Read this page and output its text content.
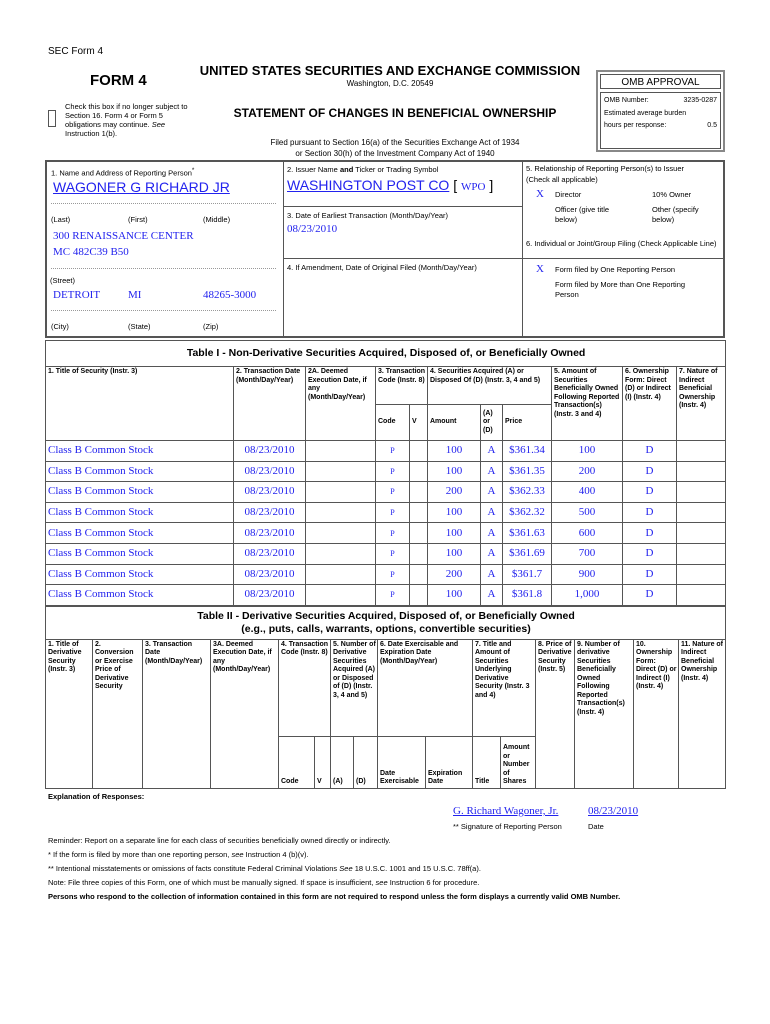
SEC Form 4
FORM 4
UNITED STATES SECURITIES AND EXCHANGE COMMISSION
Washington, D.C. 20549
Check this box if no longer subject to Section 16. Form 4 or Form 5 obligations may continue. See Instruction 1(b).
STATEMENT OF CHANGES IN BENEFICIAL OWNERSHIP
Filed pursuant to Section 16(a) of the Securities Exchange Act of 1934
or Section 30(h) of the Investment Company Act of 1940
OMB APPROVAL
OMB Number:	3235-0287
Estimated average burden
hours per response:	0.5
1. Name and Address of Reporting Person*
WAGONER G RICHARD JR
(Last)	(First)	(Middle)
300 RENAISSANCE CENTER
MC 482C39 B50
(Street)
DETROIT	MI	48265-3000
(City)	(State)	(Zip)
2. Issuer Name and Ticker or Trading Symbol
WASHINGTON POST CO [ WPO ]
3. Date of Earliest Transaction (Month/Day/Year)
08/23/2010
4. If Amendment, Date of Original Filed (Month/Day/Year)
5. Relationship of Reporting Person(s) to Issuer
(Check all applicable)
X Director	10% Owner
Officer (give title below)
Other (specify below)
6. Individual or Joint/Group Filing (Check Applicable Line)
X Form filed by One Reporting Person
Form filed by More than One Reporting Person
Table I - Non-Derivative Securities Acquired, Disposed of, or Beneficially Owned										
1. Title of Security (Instr. 3)	2. Transaction Date (Month/Day/Year)	2A. Deemed Execution Date, if any (Month/Day/Year)	3. Transaction Code (Instr. 8)		4. Securities Acquired (A) or Disposed Of (D) (Instr. 3, 4 and 5)			5. Amount of Securities Beneficially Owned Following Reported Transaction(s) (Instr. 3 and 4)	6. Ownership Form: Direct (D) or Indirect (I) (Instr. 4)	7. Nature of Indirect Beneficial Ownership (Instr. 4)
			Code	V	Amount	(A) or (D)	Price			
Class B Common Stock	08/23/2010		P		100	A	$361.34	100	D	
Class B Common Stock	08/23/2010		P		100	A	$361.35	200	D	
Class B Common Stock	08/23/2010		P		200	A	$362.33	400	D	
Class B Common Stock	08/23/2010		P		100	A	$362.32	500	D	
Class B Common Stock	08/23/2010		P		100	A	$361.63	600	D	
Class B Common Stock	08/23/2010		P		100	A	$361.69	700	D	
Class B Common Stock	08/23/2010		P		200	A	$361.7	900	D	
Class B Common Stock	08/23/2010		P		100	A	$361.8	1,000	D	
Table II - Derivative Securities Acquired, Disposed of, or Beneficially Owned
(e.g., puts, calls, warrants, options, convertible securities)															

1. Title of Derivative Security (Instr. 3)	2. Conversion or Exercise Price of Derivative Security	3. Transaction Date (Month/Day/Year)	3A. Deemed Execution Date, if any (Month/Day/Year)	4. Transaction Code (Instr. 8)		5. Number of Derivative Securities Acquired (A) or Disposed of (D) (Instr. 3, 4 and 5)		6. Date Exercisable and Expiration Date (Month/Day/Year)		7. Title and Amount of Securities Underlying Derivative Security (Instr. 3 and 4)		8. Price of Derivative Security (Instr. 5)	9. Number of derivative Securities Beneficially Owned Following Reported Transaction(s) (Instr. 4)	10. Ownership Form: Direct (D) or Indirect (I) (Instr. 4)	11. Nature of Indirect Beneficial Ownership (Instr. 4)
				Code	V	(A)	(D)	Date Exercisable	Expiration Date	Title	Amount or Number of Shares				
Explanation of Responses:
G. Richard Wagoner, Jr.
** Signature of Reporting Person
08/23/2010
Date
Reminder: Report on a separate line for each class of securities beneficially owned directly or indirectly.
* If the form is filed by more than one reporting person, see Instruction 4 (b)(v).
** Intentional misstatements or omissions of facts constitute Federal Criminal Violations See 18 U.S.C. 1001 and 15 U.S.C. 78ff(a).
Note: File three copies of this Form, one of which must be manually signed. If space is insufficient, see Instruction 6 for procedure.
Persons who respond to the collection of information contained in this form are not required to respond unless the form displays a currently valid OMB Number.
